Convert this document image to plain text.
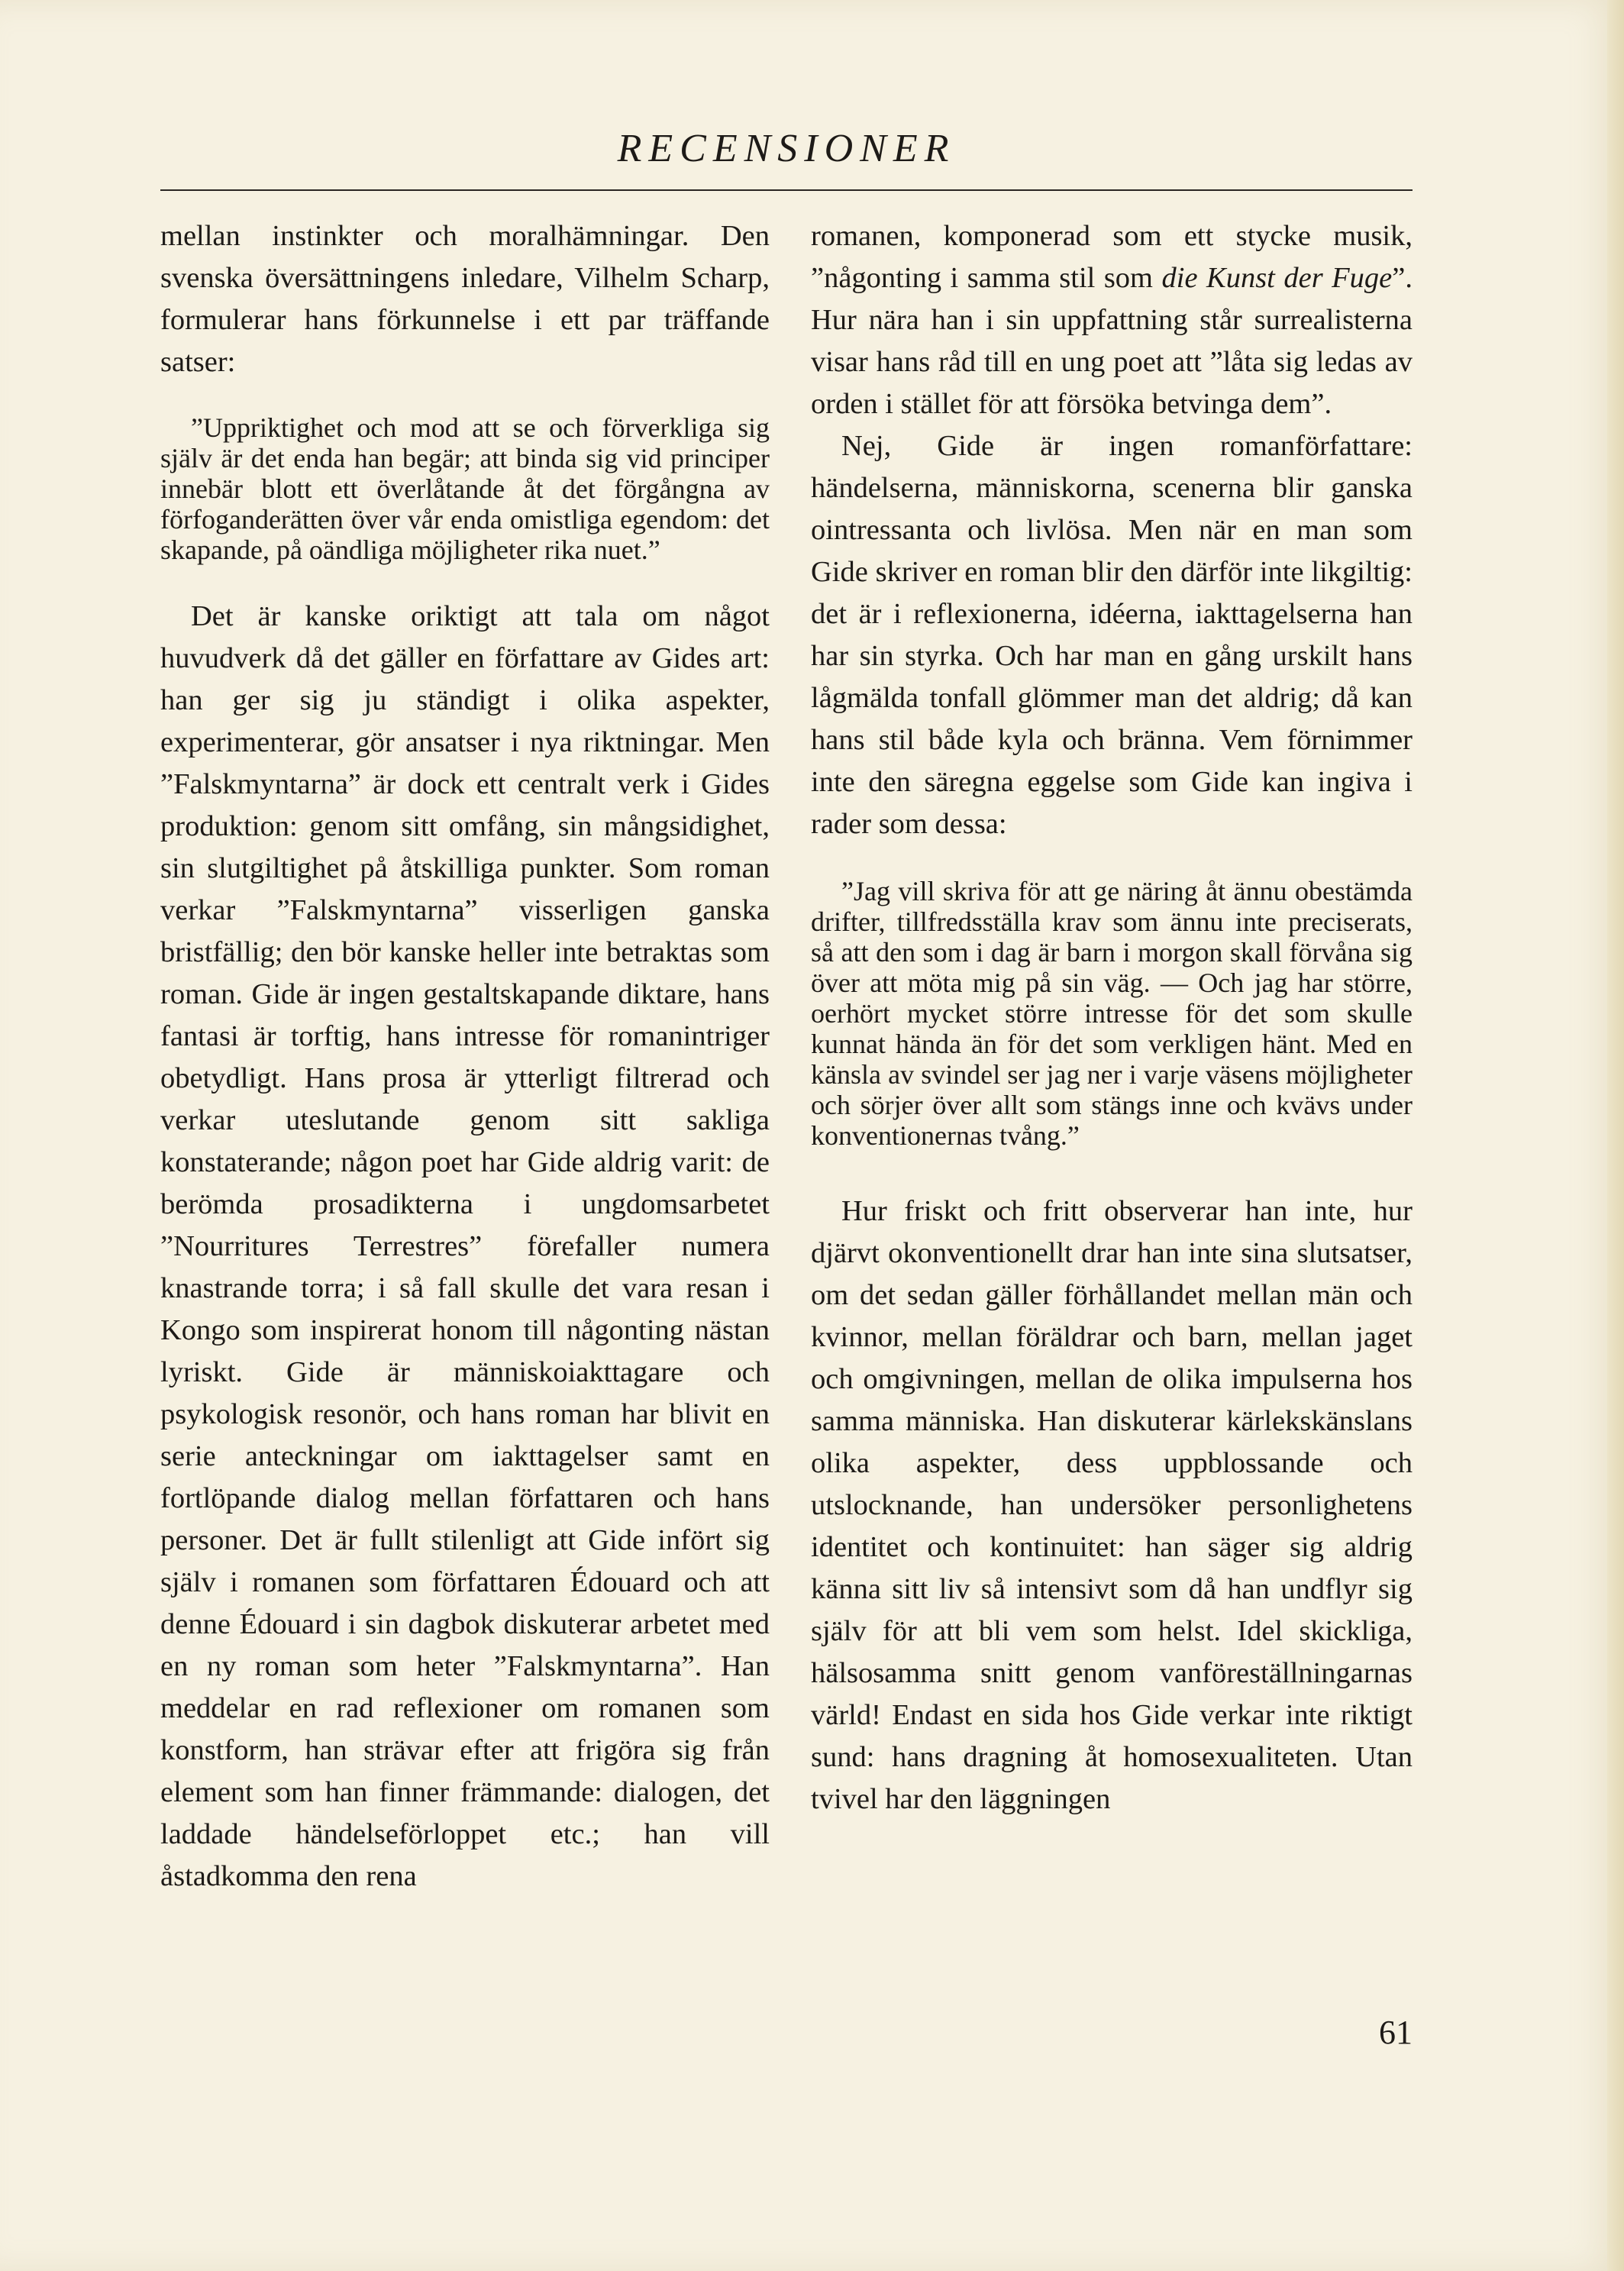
RECENSIONER

mellan instinkter och moralhämningar. Den svenska översättningens inledare, Vilhelm Scharp, formulerar hans förkunnelse i ett par träffande satser:

”Uppriktighet och mod att se och förverkliga sig själv är det enda han begär; att binda sig vid principer innebär blott ett överlåtande åt det förgångna av förfoganderätten över vår enda omistliga egendom: det skapande, på oändliga möjligheter rika nuet.”

Det är kanske oriktigt att tala om något huvudverk då det gäller en författare av Gides art: han ger sig ju ständigt i olika aspekter, experimenterar, gör ansatser i nya riktningar. Men ”Falskmyntarna” är dock ett centralt verk i Gides produktion: genom sitt omfång, sin mångsidighet, sin slutgiltighet på åtskilliga punkter. Som roman verkar ”Falskmyntarna” visserligen ganska bristfällig; den bör kanske heller inte betraktas som roman. Gide är ingen gestaltskapande diktare, hans fantasi är torftig, hans intresse för romanintriger obetydligt. Hans prosa är ytterligt filtrerad och verkar uteslutande genom sitt sakliga konstaterande; någon poet har Gide aldrig varit: de berömda prosadikterna i ungdomsarbetet ”Nourritures Terrestres” förefaller numera knastrande torra; i så fall skulle det vara resan i Kongo som inspirerat honom till någonting nästan lyriskt. Gide är människoiakttagare och psykologisk resonör, och hans roman har blivit en serie anteckningar om iakttagelser samt en fortlöpande dialog mellan författaren och hans personer. Det är fullt stilenligt att Gide infört sig själv i romanen som författaren Édouard och att denne Édouard i sin dagbok diskuterar arbetet med en ny roman som heter ”Falskmyntarna”. Han meddelar en rad reflexioner om romanen som konstform, han strävar efter att frigöra sig från element som han finner främmande: dialogen, det laddade händelseförloppet etc.; han vill åstadkomma den rena

romanen, komponerad som ett stycke musik, ”någonting i samma stil som die Kunst der Fuge”. Hur nära han i sin uppfattning står surrealisterna visar hans råd till en ung poet att ”låta sig ledas av orden i stället för att försöka betvinga dem”.

Nej, Gide är ingen romanförfattare: händelserna, människorna, scenerna blir ganska ointressanta och livlösa. Men när en man som Gide skriver en roman blir den därför inte likgiltig: det är i reflexionerna, idéerna, iakttagelserna han har sin styrka. Och har man en gång urskilt hans lågmälda tonfall glömmer man det aldrig; då kan hans stil både kyla och bränna. Vem förnimmer inte den säregna eggelse som Gide kan ingiva i rader som dessa:

”Jag vill skriva för att ge näring åt ännu obestämda drifter, tillfredsställa krav som ännu inte preciserats, så att den som i dag är barn i morgon skall förvåna sig över att möta mig på sin väg. — Och jag har större, oerhört mycket större intresse för det som skulle kunnat hända än för det som verkligen hänt. Med en känsla av svindel ser jag ner i varje väsens möjligheter och sörjer över allt som stängs inne och kvävs under konventionernas tvång.”

Hur friskt och fritt observerar han inte, hur djärvt okonventionellt drar han inte sina slutsatser, om det sedan gäller förhållandet mellan män och kvinnor, mellan föräldrar och barn, mellan jaget och omgivningen, mellan de olika impulserna hos samma människa. Han diskuterar kärlekskänslans olika aspekter, dess uppblossande och utslocknande, han undersöker personlighetens identitet och kontinuitet: han säger sig aldrig känna sitt liv så intensivt som då han undflyr sig själv för att bli vem som helst. Idel skickliga, hälsosamma snitt genom vanföreställningarnas värld! Endast en sida hos Gide verkar inte riktigt sund: hans dragning åt homosexualiteten. Utan tvivel har den läggningen

61
